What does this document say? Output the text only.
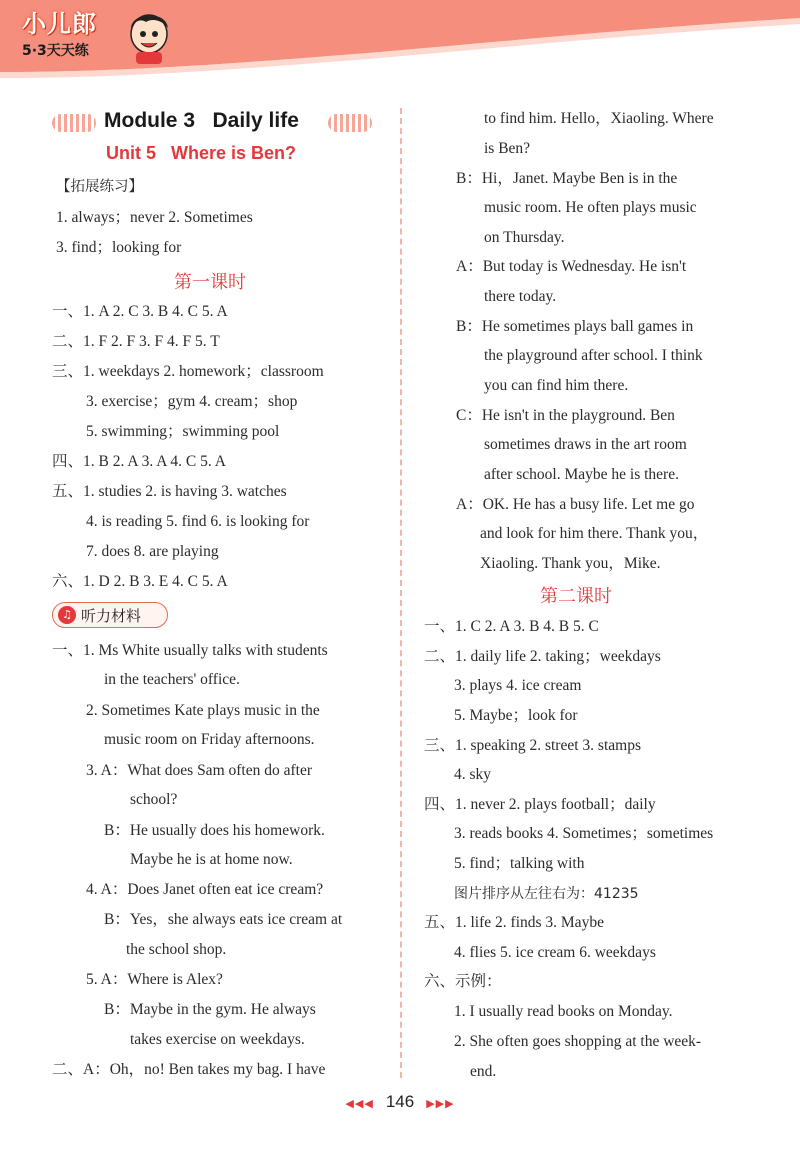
小儿郎
5·3天天练
Module 3   Daily life
Unit 5   Where is Ben?
【拓展练习】
1. always；never 2. Sometimes
3. find；looking for
第一课时
一、1. A 2. C 3. B 4. C 5. A
二、1. F 2. F 3. F 4. F 5. T
三、1. weekdays 2. homework；classroom
3. exercise；gym 4. cream；shop
5. swimming；swimming pool
四、1. B 2. A 3. A 4. C 5. A
五、1. studies 2. is having 3. watches
4. is reading 5. find 6. is looking for
7. does 8. are playing
六、1. D 2. B 3. E 4. C 5. A
♫ 听力材料
一、1. Ms White usually talks with students
in the teachers' office.
2. Sometimes Kate plays music in the
music room on Friday afternoons.
3. A：What does Sam often do after
school?
B：He usually does his homework.
Maybe he is at home now.
4. A：Does Janet often eat ice cream?
B：Yes，she always eats ice cream at
the school shop.
5. A：Where is Alex?
B：Maybe in the gym. He always
takes exercise on weekdays.
二、A：Oh，no! Ben takes my bag. I have
to find him. Hello，Xiaoling. Where
is Ben?
B：Hi，Janet. Maybe Ben is in the
music room. He often plays music
on Thursday.
A：But today is Wednesday. He isn't
there today.
B：He sometimes plays ball games in
the playground after school. I think
you can find him there.
C：He isn't in the playground. Ben
sometimes draws in the art room
after school. Maybe he is there.
A：OK. He has a busy life. Let me go
and look for him there. Thank you，
Xiaoling. Thank you，Mike.
第二课时
一、1. C 2. A 3. B 4. B 5. C
二、1. daily life 2. taking；weekdays
3. plays 4. ice cream
5. Maybe；look for
三、1. speaking 2. street 3. stamps
4. sky
四、1. never 2. plays football；daily
3. reads books 4. Sometimes；sometimes
5. find；talking with
图片排序从左往右为：41235
五、1. life 2. finds 3. Maybe
4. flies 5. ice cream 6. weekdays
六、示例：
1. I usually read books on Monday.
2. She often goes shopping at the week-
end.
◀◀◀ 146 ▶▶▶
